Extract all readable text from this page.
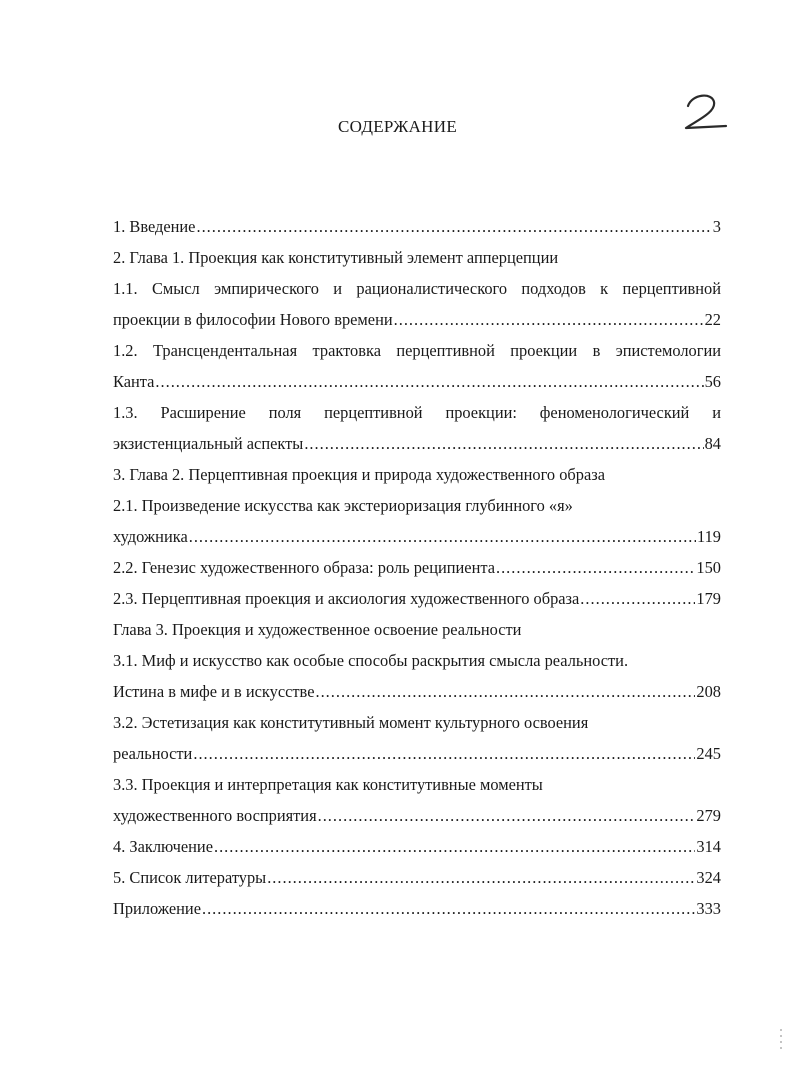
СОДЕРЖАНИЕ
1. Введение .....	3
2. Глава 1. Проекция как конститутивный элемент апперцепции
1.1. Смысл эмпирического и рационалистического подходов к перцептивной
проекции в философии Нового времени .....	22
1.2. Трансцендентальная трактовка перцептивной проекции в эпистемологии
Канта .....	56
1.3. Расширение поля перцептивной проекции: феноменологический и
экзистенциальный аспекты .....	84
3. Глава 2. Перцептивная проекция и природа художественного образа
2.1. Произведение искусства как экстериоризация глубинного «я»
художника .....	119
2.2. Генезис художественного образа: роль реципиента .....	150
2.3. Перцептивная проекция и аксиология художественного образа .....	179
Глава 3. Проекция и художественное освоение реальности
3.1. Миф и искусство как особые способы раскрытия смысла реальности.
Истина в мифе и в искусстве .....	208
3.2. Эстетизация как конститутивный момент культурного освоения
реальности .....	245
3.3. Проекция и интерпретация как конститутивные моменты
художественного восприятия .....	279
4. Заключение .....	314
5. Список литературы .....	324
Приложение .....	333
